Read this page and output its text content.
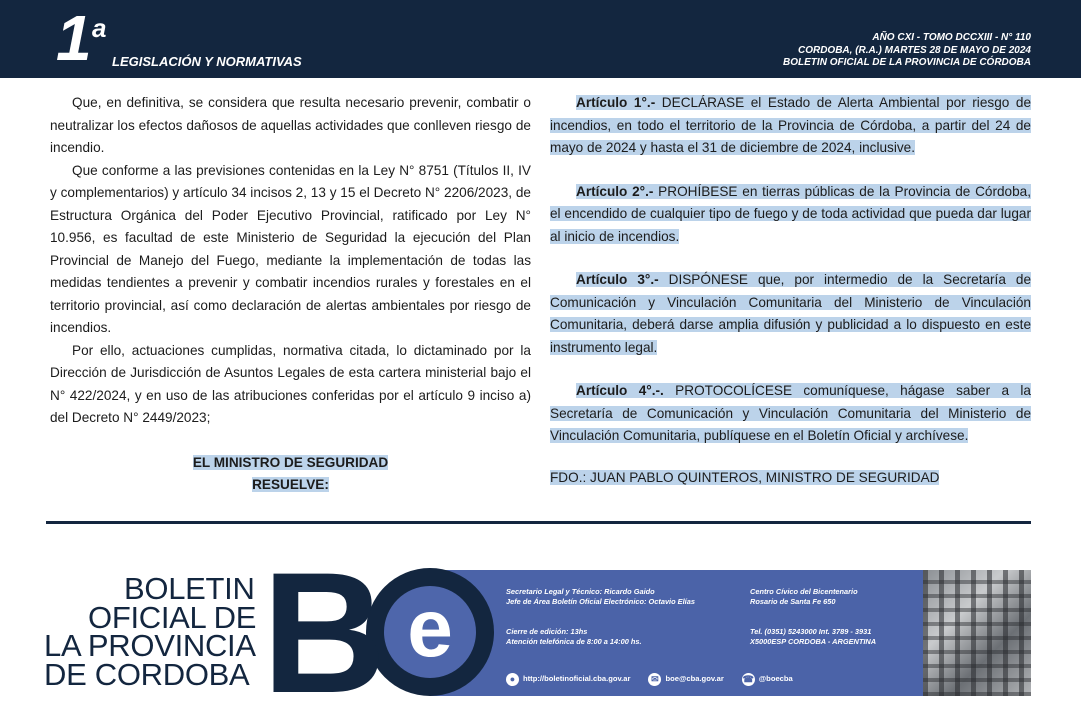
1 a
LEGISLACIÓN Y NORMATIVAS
AÑO CXI - TOMO DCCXIII - N° 110
CORDOBA, (R.A.) MARTES 28 DE MAYO DE 2024
BOLETIN OFICIAL DE LA PROVINCIA DE CÓRDOBA

Que, en definitiva, se considera que resulta necesario prevenir, combatir o neutralizar los efectos dañosos de aquellas actividades que conlleven riesgo de incendio.

Que conforme a las previsiones contenidas en la Ley N° 8751 (Títulos II, IV y complementarios) y artículo 34 incisos 2, 13 y 15 el Decreto N° 2206/2023, de Estructura Orgánica del Poder Ejecutivo Provincial, ratificado por Ley N° 10.956, es facultad de este Ministerio de Seguridad la ejecución del Plan Provincial de Manejo del Fuego, mediante la implementación de todas las medidas tendientes a prevenir y combatir incendios rurales y forestales en el territorio provincial, así como declaración de alertas ambientales por riesgo de incendios.

Por ello, actuaciones cumplidas, normativa citada, lo dictaminado por la Dirección de Jurisdicción de Asuntos Legales de esta cartera ministerial bajo el N° 422/2024, y en uso de las atribuciones conferidas por el artículo 9 inciso a) del Decreto N° 2449/2023;

EL MINISTRO DE SEGURIDAD
RESUELVE:

Artículo 1°.- DECLÁRASE el Estado de Alerta Ambiental por riesgo de incendios, en todo el territorio de la Provincia de Córdoba, a partir del 24 de mayo de 2024 y hasta el 31 de diciembre de 2024, inclusive.

Artículo 2°.- PROHÍBESE en tierras públicas de la Provincia de Córdoba, el encendido de cualquier tipo de fuego y de toda actividad que pueda dar lugar al inicio de incendios.

Artículo 3°.- DISPÓNESE que, por intermedio de la Secretaría de Comunicación y Vinculación Comunitaria del Ministerio de Vinculación Comunitaria, deberá darse amplia difusión y publicidad a lo dispuesto en este instrumento legal.

Artículo 4°.-. PROTOCOLÍCESE comuníquese, hágase saber a la Secretaría de Comunicación y Vinculación Comunitaria del Ministerio de Vinculación Comunitaria, publíquese en el Boletín Oficial y archívese.

FDO.: JUAN PABLO QUINTEROS, MINISTRO DE SEGURIDAD

BOLETIN
OFICIAL DE
LA PROVINCIA
DE CORDOBA
Secretario Legal y Técnico: Ricardo Gaido
Jefe de Área Boletín Oficial Electrónico: Octavio Elías
Centro Cívico del Bicentenario
Rosario de Santa Fe 650
Cierre de edición: 13hs
Atención telefónica de 8:00 a 14:00 hs.
Tel. (0351) 5243000 Int. 3789 - 3931
X5000ESP CORDOBA - ARGENTINA
●	http://boletinoficial.cba.gov.ar	✉ boe@cba.gov.ar ☎ @boecba
e
B
